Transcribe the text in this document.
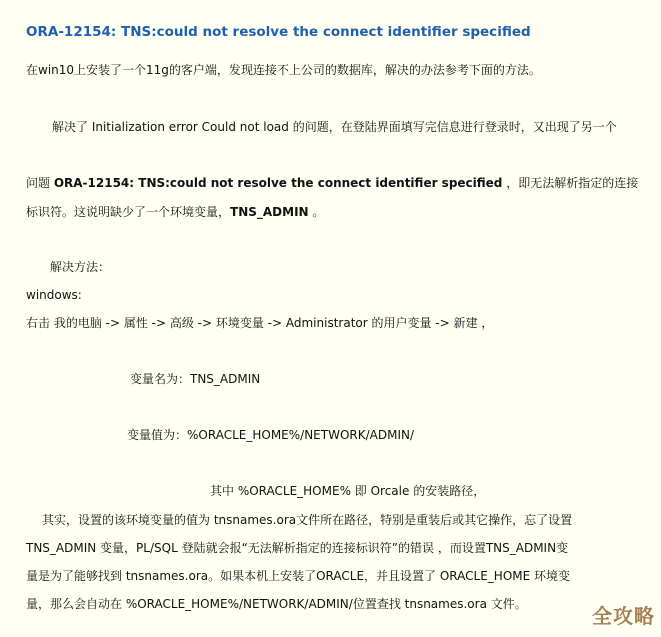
ORA-12154: TNS:could not resolve the connect identifier specified
在win10上安装了一个11g的客户端，发现连接不上公司的数据库，解决的办法参考下面的方法。
解决了 Initialization error Could not load 的问题，在登陆界面填写完信息进行登录时，又出现了另一个
问题 ORA-12154: TNS:could not resolve the connect identifier specified ，即无法解析指定的连接
标识符。这说明缺少了一个环境变量，TNS_ADMIN 。
解决方法：
windows:
右击 我的电脑 -> 属性 -> 高级 -> 环境变量 -> Administrator 的用户变量 -> 新建 ，
变量名为：TNS_ADMIN
变量值为：%ORACLE_HOME%/NETWORK/ADMIN/
其中 %ORACLE_HOME% 即 Orcale 的安装路径，
其实，设置的该环境变量的值为 tnsnames.ora文件所在路径，特别是重装后或其它操作，忘了设置
TNS_ADMIN 变量，PL/SQL 登陆就会报“无法解析指定的连接标识符”的错误 ，而设置TNS_ADMIN变
量是为了能够找到 tnsnames.ora。如果本机上安装了ORACLE，并且设置了 ORACLE_HOME 环境变
量，那么会自动在 %ORACLE_HOME%/NETWORK/ADMIN/位置查找 tnsnames.ora 文件。	全攻略
